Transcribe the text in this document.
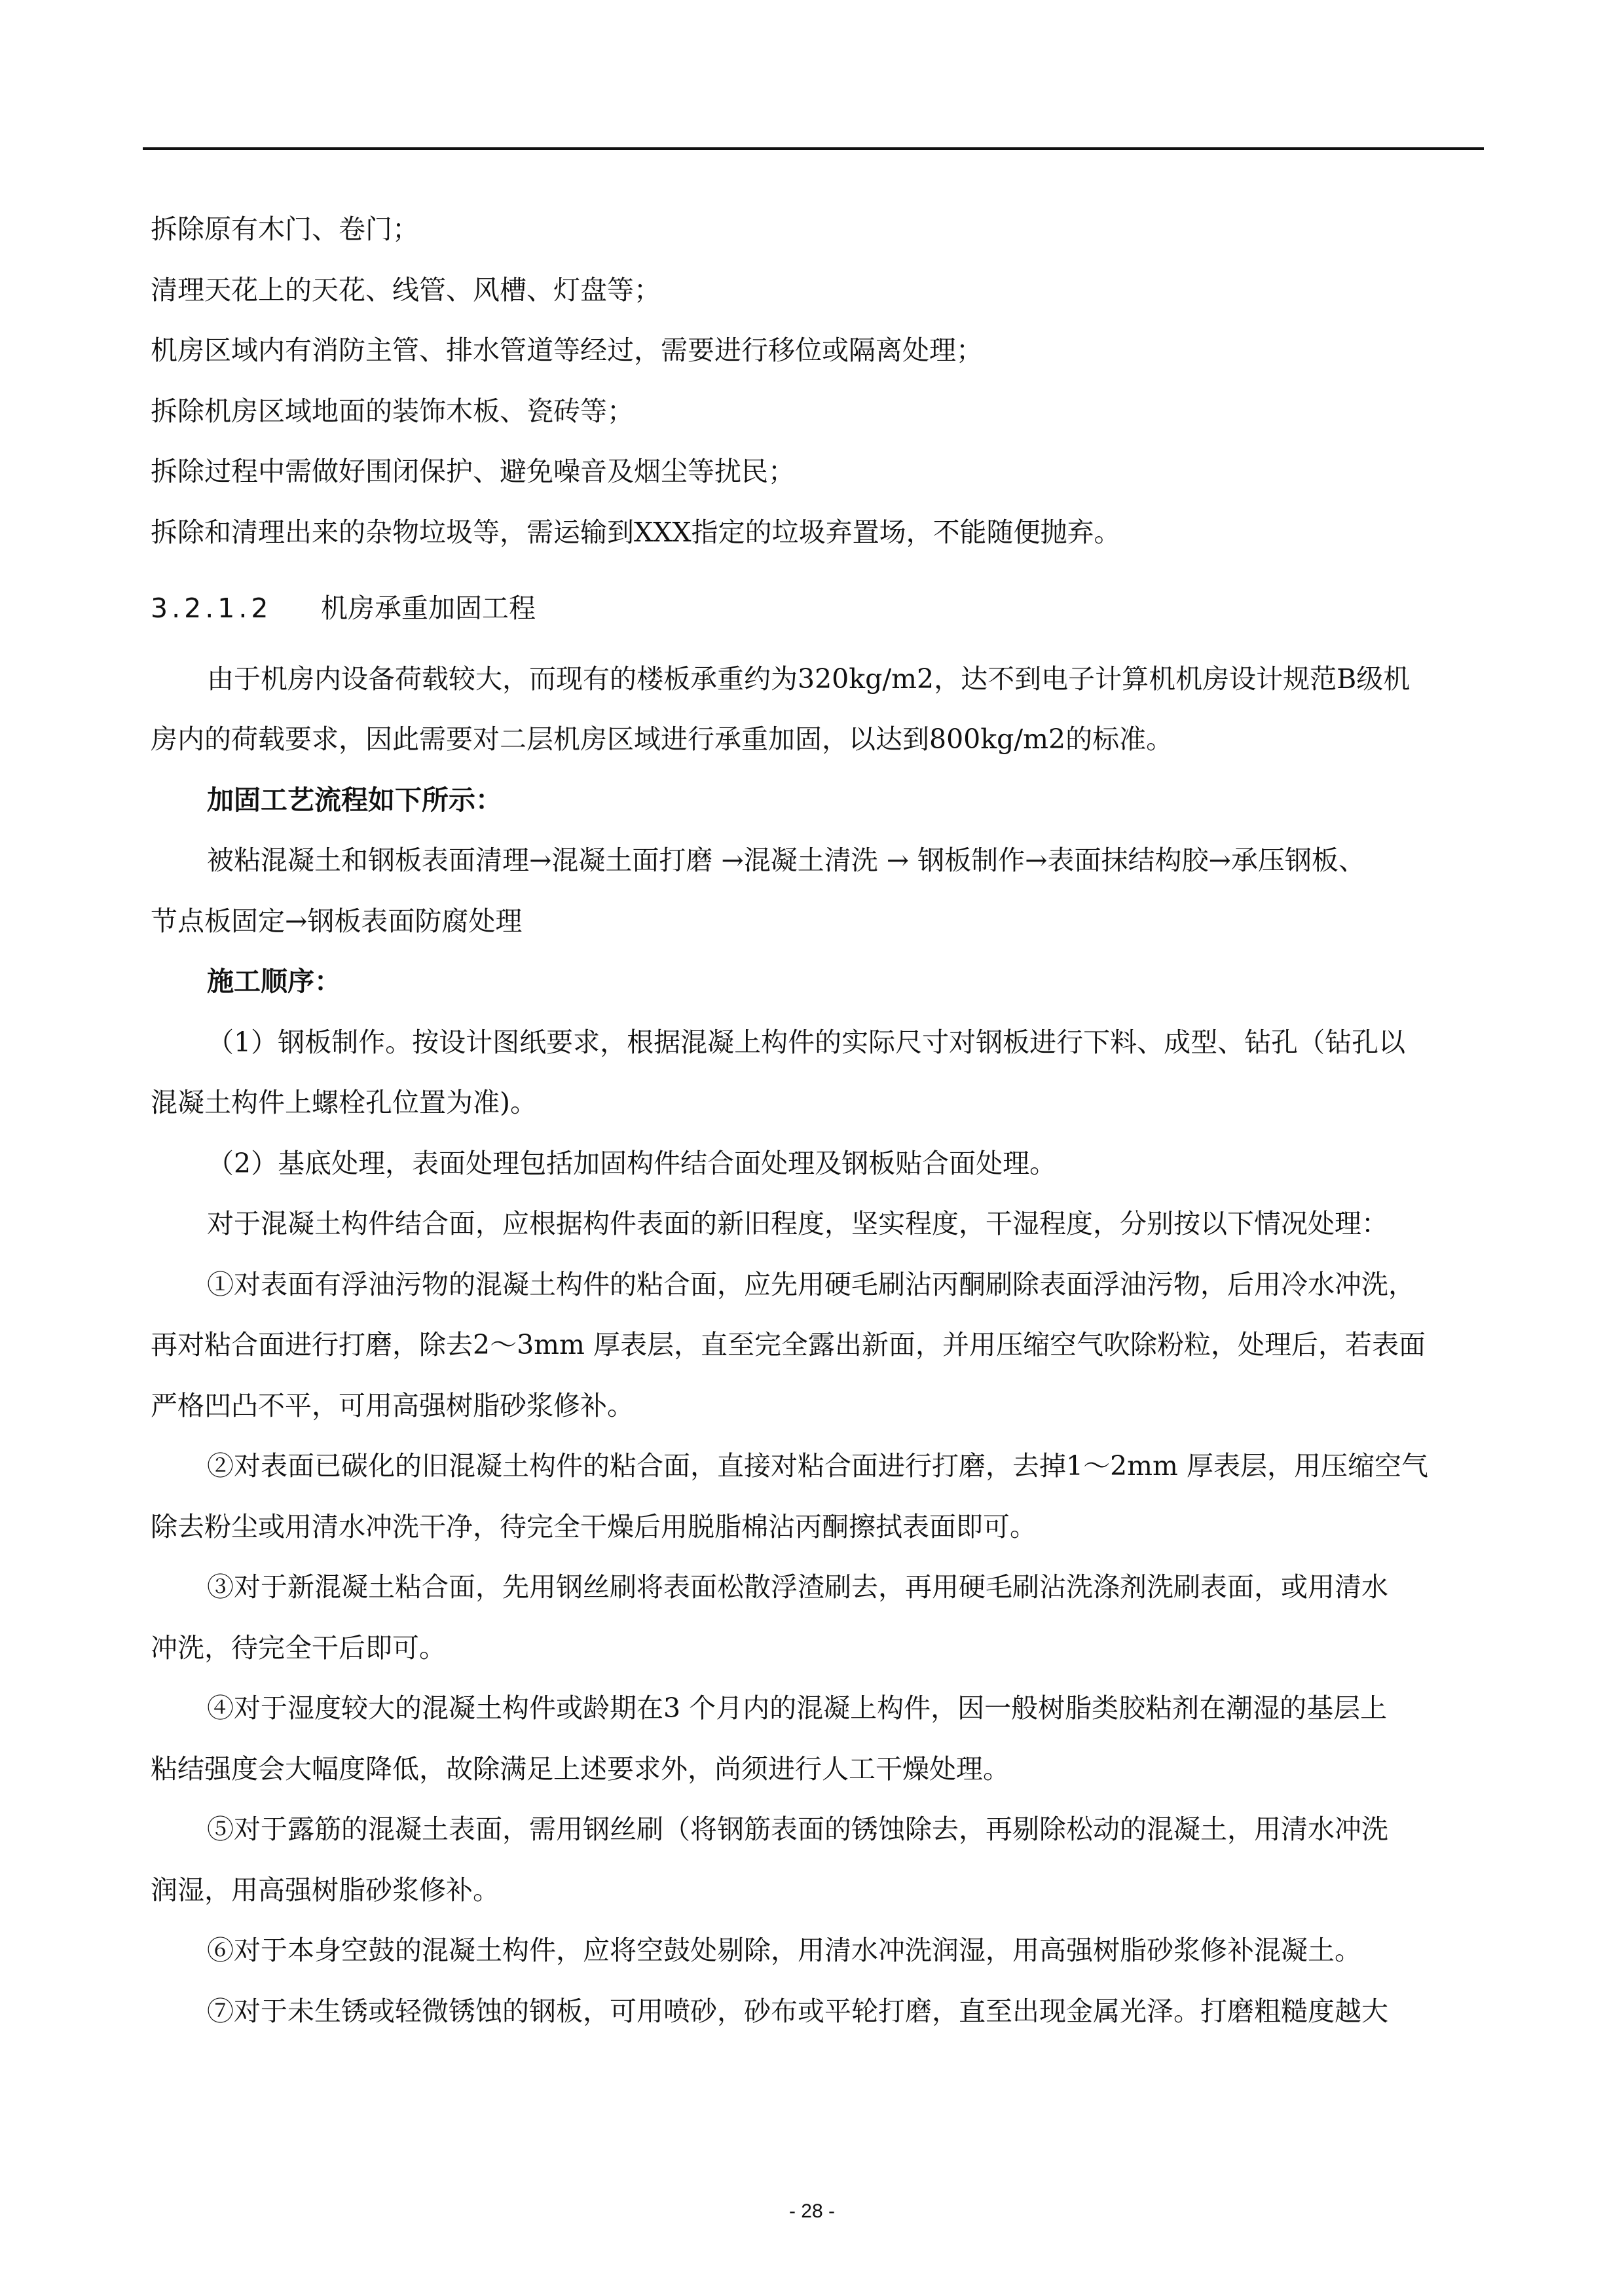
拆除原有木门、卷门；
清理天花上的天花、线管、风槽、灯盘等；
机房区域内有消防主管、排水管道等经过，需要进行移位或隔离处理；
拆除机房区域地面的装饰木板、瓷砖等；
拆除过程中需做好围闭保护、避免噪音及烟尘等扰民；
拆除和清理出来的杂物垃圾等，需运输到XXX指定的垃圾弃置场，不能随便抛弃。
3.2.1.2 机房承重加固工程
由于机房内设备荷载较大，而现有的楼板承重约为320kg/m2，达不到电子计算机机房设计规范B级机
房内的荷载要求，因此需要对二层机房区域进行承重加固，以达到800kg/m2的标准。
加固工艺流程如下所示：
被粘混凝土和钢板表面清理→混凝土面打磨 →混凝土清洗 → 钢板制作→表面抹结构胶→承压钢板、
节点板固定→钢板表面防腐处理
施工顺序：
（1）钢板制作。按设计图纸要求，根据混凝上构件的实际尺寸对钢板进行下料、成型、钻孔（钻孔以
混凝土构件上螺栓孔位置为准)。
（2）基底处理，表面处理包括加固构件结合面处理及钢板贴合面处理。
对于混凝土构件结合面，应根据构件表面的新旧程度，坚实程度，干湿程度，分别按以下情况处理：
①对表面有浮油污物的混凝土构件的粘合面，应先用硬毛刷沾丙酮刷除表面浮油污物，后用冷水冲洗，
再对粘合面进行打磨，除去2～3mm 厚表层，直至完全露出新面，并用压缩空气吹除粉粒，处理后，若表面
严格凹凸不平，可用高强树脂砂浆修补。
②对表面已碳化的旧混凝土构件的粘合面，直接对粘合面进行打磨，去掉1～2mm 厚表层，用压缩空气
除去粉尘或用清水冲洗干净，待完全干燥后用脱脂棉沾丙酮擦拭表面即可。
③对于新混凝土粘合面，先用钢丝刷将表面松散浮渣刷去，再用硬毛刷沾洗涤剂洗刷表面，或用清水
冲洗，待完全干后即可。
④对于湿度较大的混凝土构件或龄期在3 个月内的混凝上构件，因一般树脂类胶粘剂在潮湿的基层上
粘结强度会大幅度降低，故除满足上述要求外，尚须进行人工干燥处理。
⑤对于露筋的混凝土表面，需用钢丝刷（将钢筋表面的锈蚀除去，再剔除松动的混凝土，用清水冲洗
润湿，用高强树脂砂浆修补。
⑥对于本身空鼓的混凝土构件，应将空鼓处剔除，用清水冲洗润湿，用高强树脂砂浆修补混凝土。
⑦对于未生锈或轻微锈蚀的钢板，可用喷砂，砂布或平轮打磨，直至出现金属光泽。打磨粗糙度越大
- 28 -
